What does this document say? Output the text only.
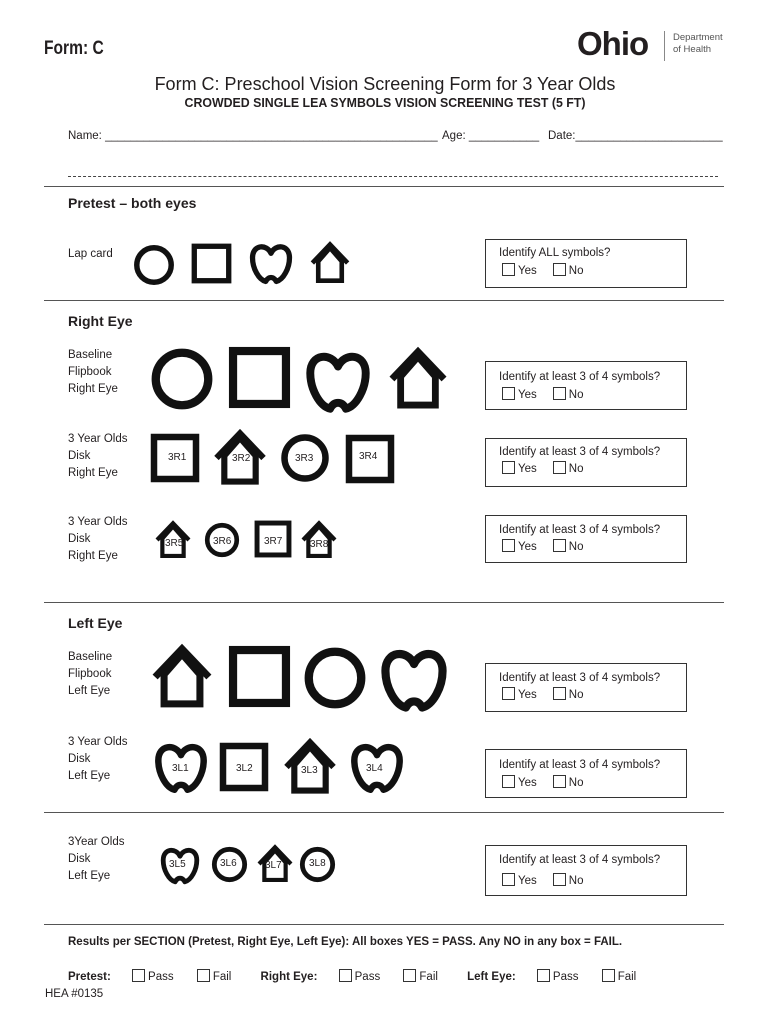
Form: C	Ohio	Department
of Health
Form C: Preschool Vision Screening Form for 3 Year Olds
CROWDED SINGLE LEA SYMBOLS VISION SCREENING TEST (5 FT)
Name: ____________________________________________________ Age: ___________ Date:_______________________
Pretest – both eyes
Lap card	Identify ALL symbols?
Yes	No
Right Eye
Baseline
Flipbook
Right Eye
Identify at least 3 of 4 symbols?
Yes	No
3 Year Olds
Disk
Right Eye
3R1	3R2	3R3	3R4	Identify at least 3 of 4 symbols?
Yes	No
3 Year Olds
Disk
Right Eye
3R5	3R6	3R7	3R8
Identify at least 3 of 4 symbols?
Yes	No
Left Eye
Baseline
Flipbook
Left Eye
Identify at least 3 of 4 symbols?
Yes	No
3 Year Olds
Disk
Left Eye
3L1	3L2	3L3	3L4	Identify at least 3 of 4 symbols?
Yes	No
3Year Olds
Disk
Left Eye
3L5	3L6	3L7	3L8	Identify at least 3 of 4 symbols?
Yes	No
Results per SECTION (Pretest, Right Eye, Left Eye): All boxes YES = PASS. Any NO in any box = FAIL.
Pretest:	Pass	Fail	Right Eye:	Pass	Fail	Left Eye:	Pass	Fail
HEA #0135
